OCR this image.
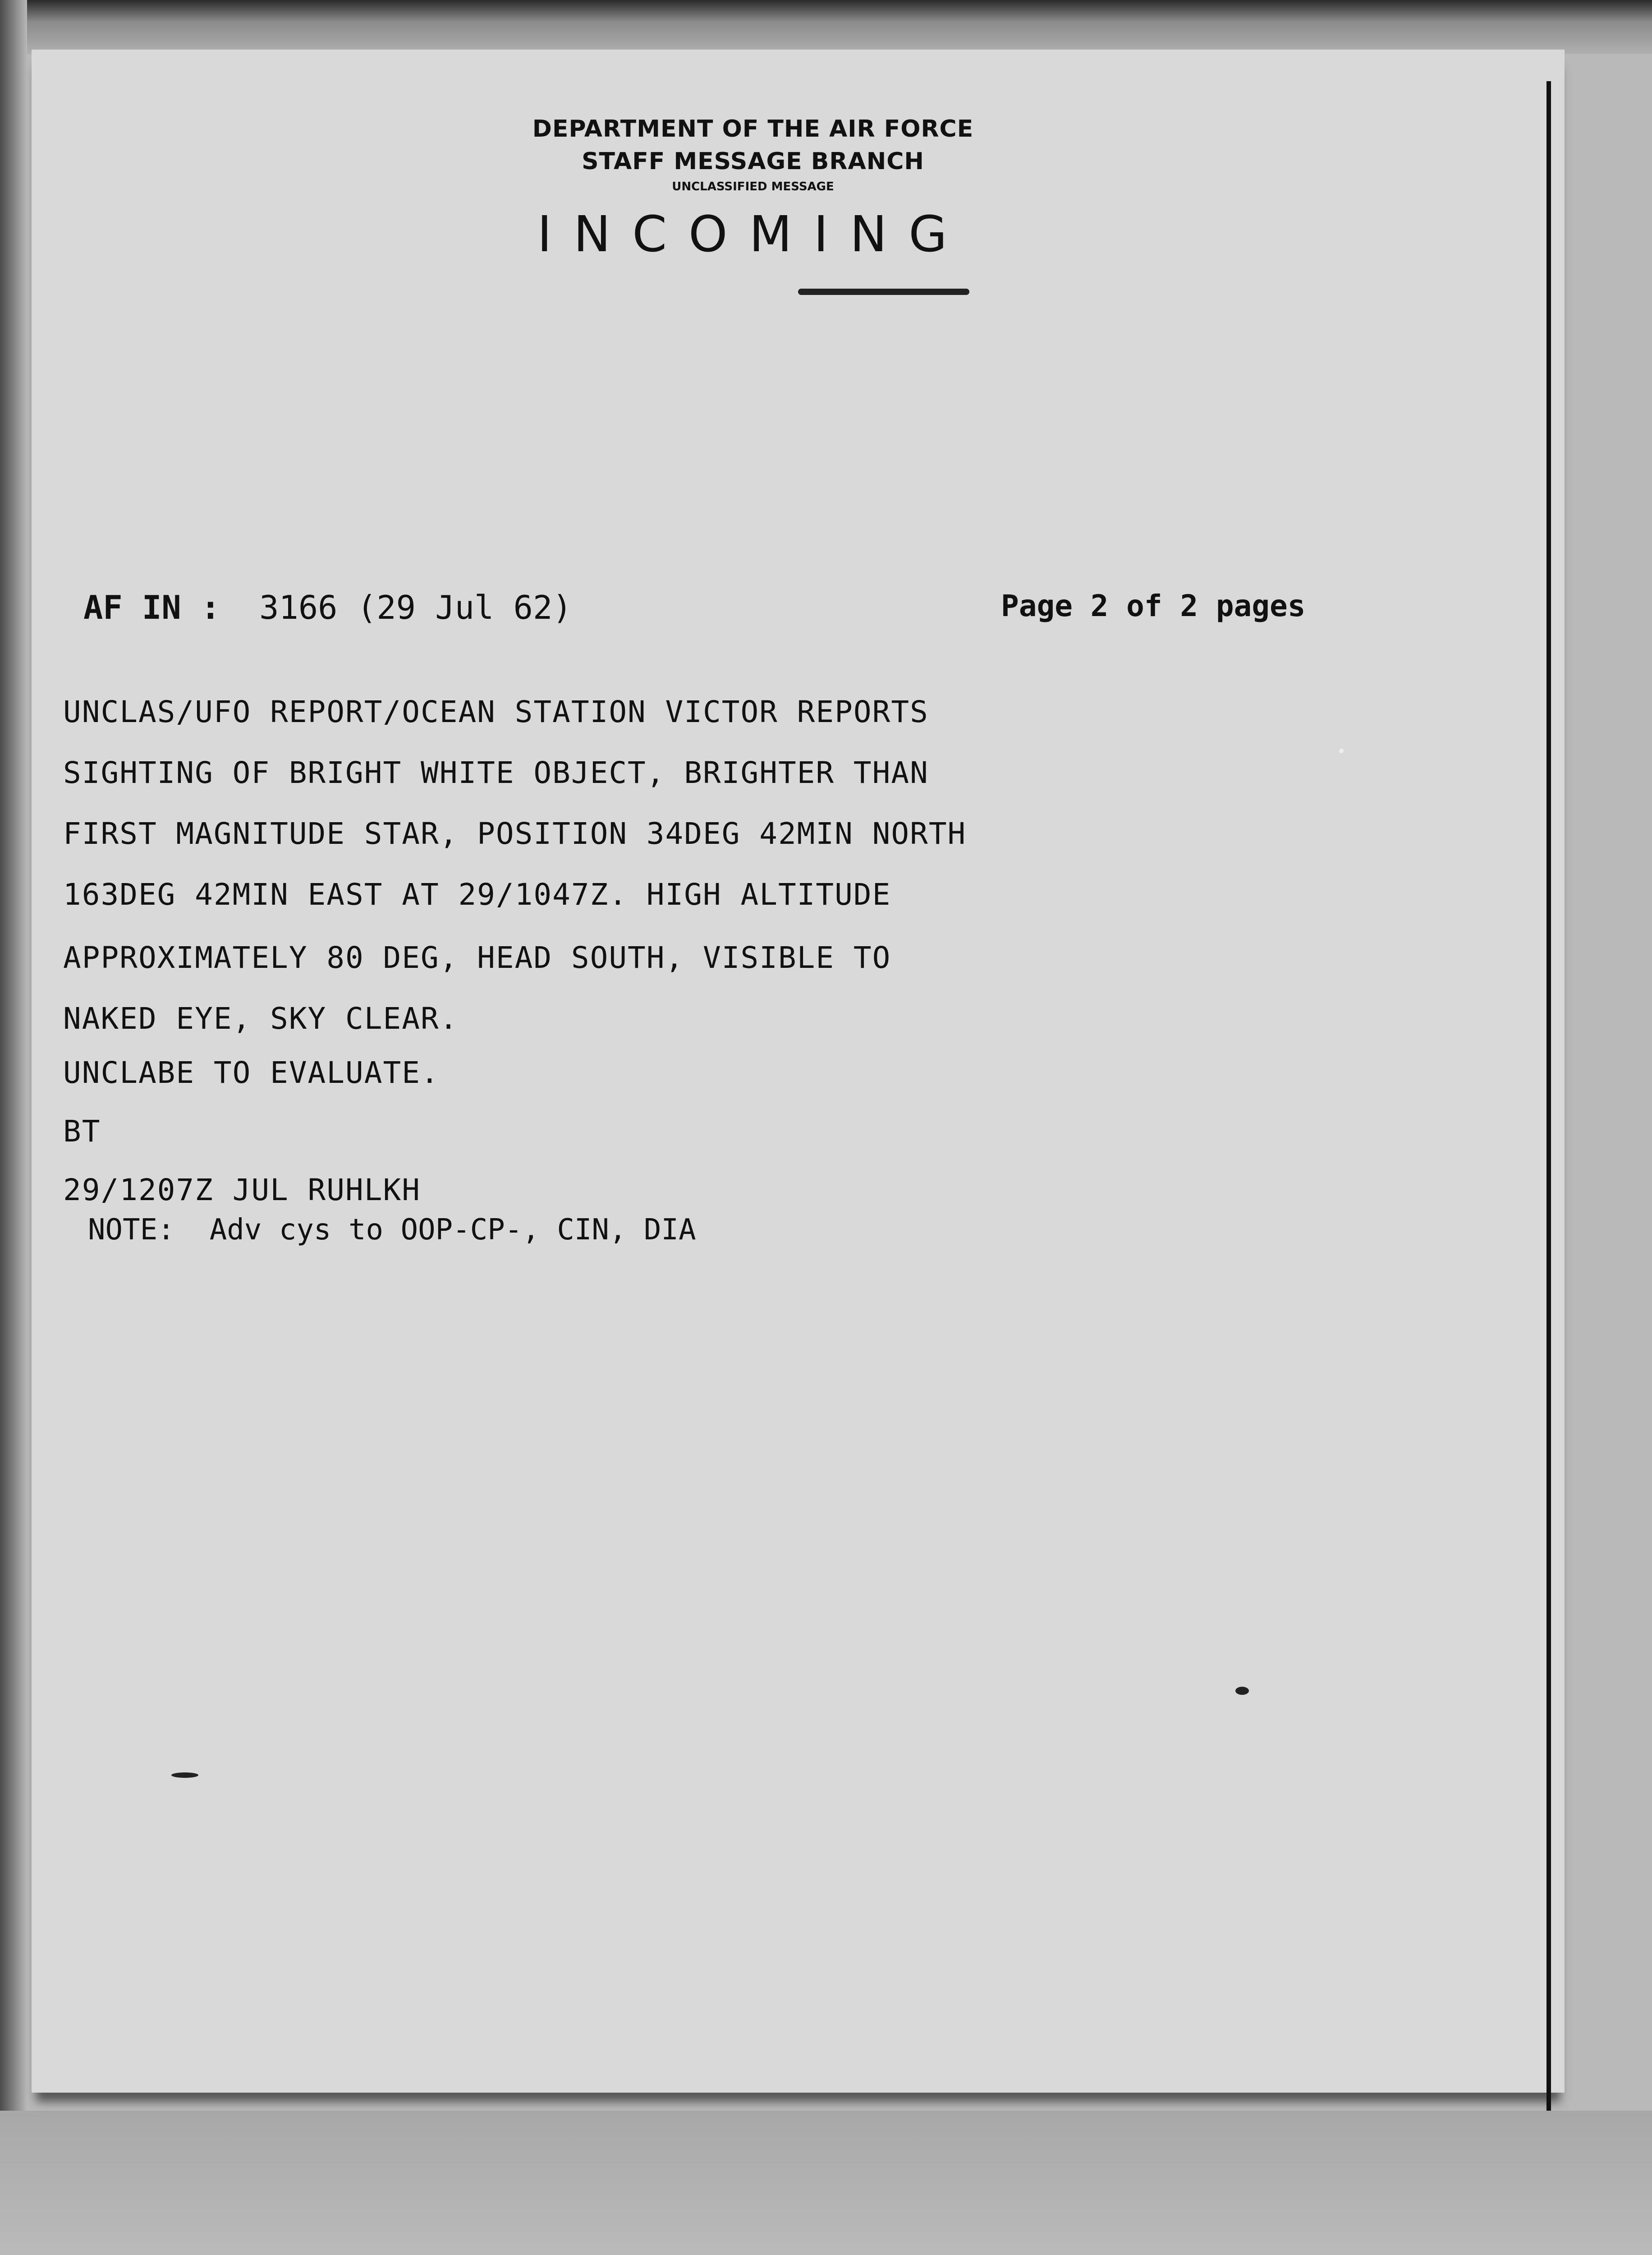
DEPARTMENT OF THE AIR FORCE
STAFF MESSAGE BRANCH
UNCLASSIFIED MESSAGE
INCOMING
AF IN : 3166 (29 Jul 62)	Page 2 of 2 pages
UNCLAS/UFO REPORT/OCEAN STATION VICTOR REPORTS
SIGHTING OF BRIGHT WHITE OBJECT, BRIGHTER THAN
FIRST MAGNITUDE STAR, POSITION 34DEG 42MIN NORTH
163DEG 42MIN EAST AT 29/1047Z. HIGH ALTITUDE
APPROXIMATELY 80 DEG, HEAD SOUTH, VISIBLE TO
NAKED EYE, SKY CLEAR.
UNCLABE TO EVALUATE.
BT
29/1207Z JUL RUHLKH
NOTE:  Adv cys to OOP-CP-, CIN, DIA
